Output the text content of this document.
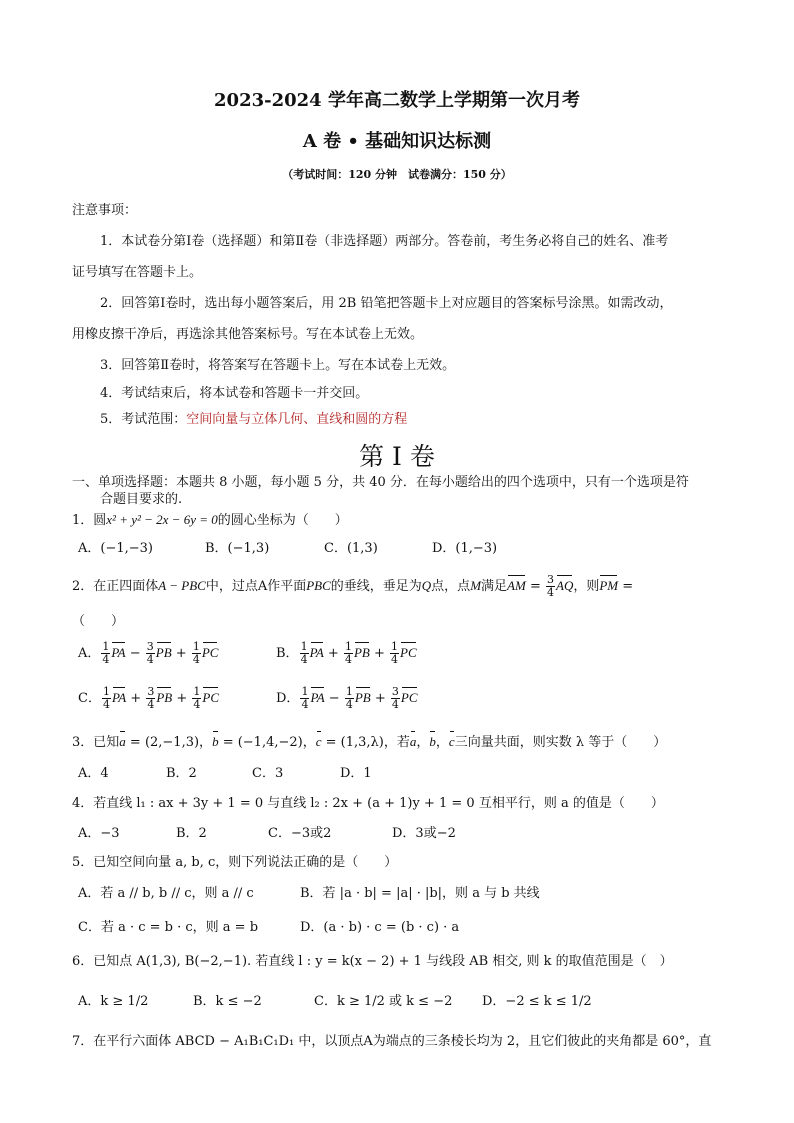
2023-2024 学年高二数学上学期第一次月考
A 卷 • 基础知识达标测
（考试时间：120 分钟　试卷满分：150 分）
注意事项：
1．本试卷分第Ⅰ卷（选择题）和第Ⅱ卷（非选择题）两部分。答卷前，考生务必将自己的姓名、准考
证号填写在答题卡上。
2．回答第Ⅰ卷时，选出每小题答案后，用 2B 铅笔把答题卡上对应题目的答案标号涂黑。如需改动，
用橡皮擦干净后，再选涂其他答案标号。写在本试卷上无效。
3．回答第Ⅱ卷时，将答案写在答题卡上。写在本试卷上无效。
4．考试结束后，将本试卷和答题卡一并交回。
5．考试范围：空间向量与立体几何、直线和圆的方程
第 I 卷
一、单项选择题：本题共 8 小题，每小题 5 分，共 40 分．在每小题给出的四个选项中，只有一个选项是符
合题目要求的.
1．圆x² + y² − 2x − 6y = 0的圆心坐标为（　　）
A．(−1,−3)	B．(−1,3)	C．(1,3)	D．(1,−3)
2．在正四面体A − PBC中，过点A作平面PBC的垂线，垂足为Q点，点M满足AM = $\frac{3}{4}$ AQ，则PM =
（　　）
A． $\frac{1}{4}$ PA − $\frac{3}{4}$ PB + $\frac{1}{4}$ PC	B． $\frac{1}{4}$ PA + $\frac{1}{4}$ PB + $\frac{1}{4}$ PC
C． $\frac{1}{4}$ PA + $\frac{3}{4}$ PB + $\frac{1}{4}$ PC	D． $\frac{1}{4}$ PA − $\frac{1}{4}$ PB + $\frac{3}{4}$ PC
3．已知a = (2,−1,3)，b = (−1,4,−2)，c = (1,3,λ)，若a，b，c三向量共面，则实数 λ 等于（　　）
A．4	B．2	C．3	D．1
4．若直线 l₁ : ax + 3y + 1 = 0 与直线 l₂ : 2x + (a + 1)y + 1 = 0 互相平行，则 a 的值是（　　）
A．−3	B．2	C．−3或2	D．3或−2
5．已知空间向量 a, b, c，则下列说法正确的是（　　）
A．若 a // b, b // c，则 a // c	B．若 |a · b| = |a| · |b|，则 a 与 b 共线
C．若 a · c = b · c，则 a = b	D．(a · b) · c = (b · c) · a
6．已知点 A(1,3), B(−2,−1). 若直线 l : y = k(x − 2) + 1 与线段 AB 相交, 则 k 的取值范围是（　）
A．k ≥ 1/2	B．k ≤ −2	C．k ≥ 1/2 或 k ≤ −2 D．−2 ≤ k ≤ 1/2
7．在平行六面体 ABCD − A₁B₁C₁D₁ 中，以顶点A为端点的三条棱长均为 2，且它们彼此的夹角都是 60°，直
